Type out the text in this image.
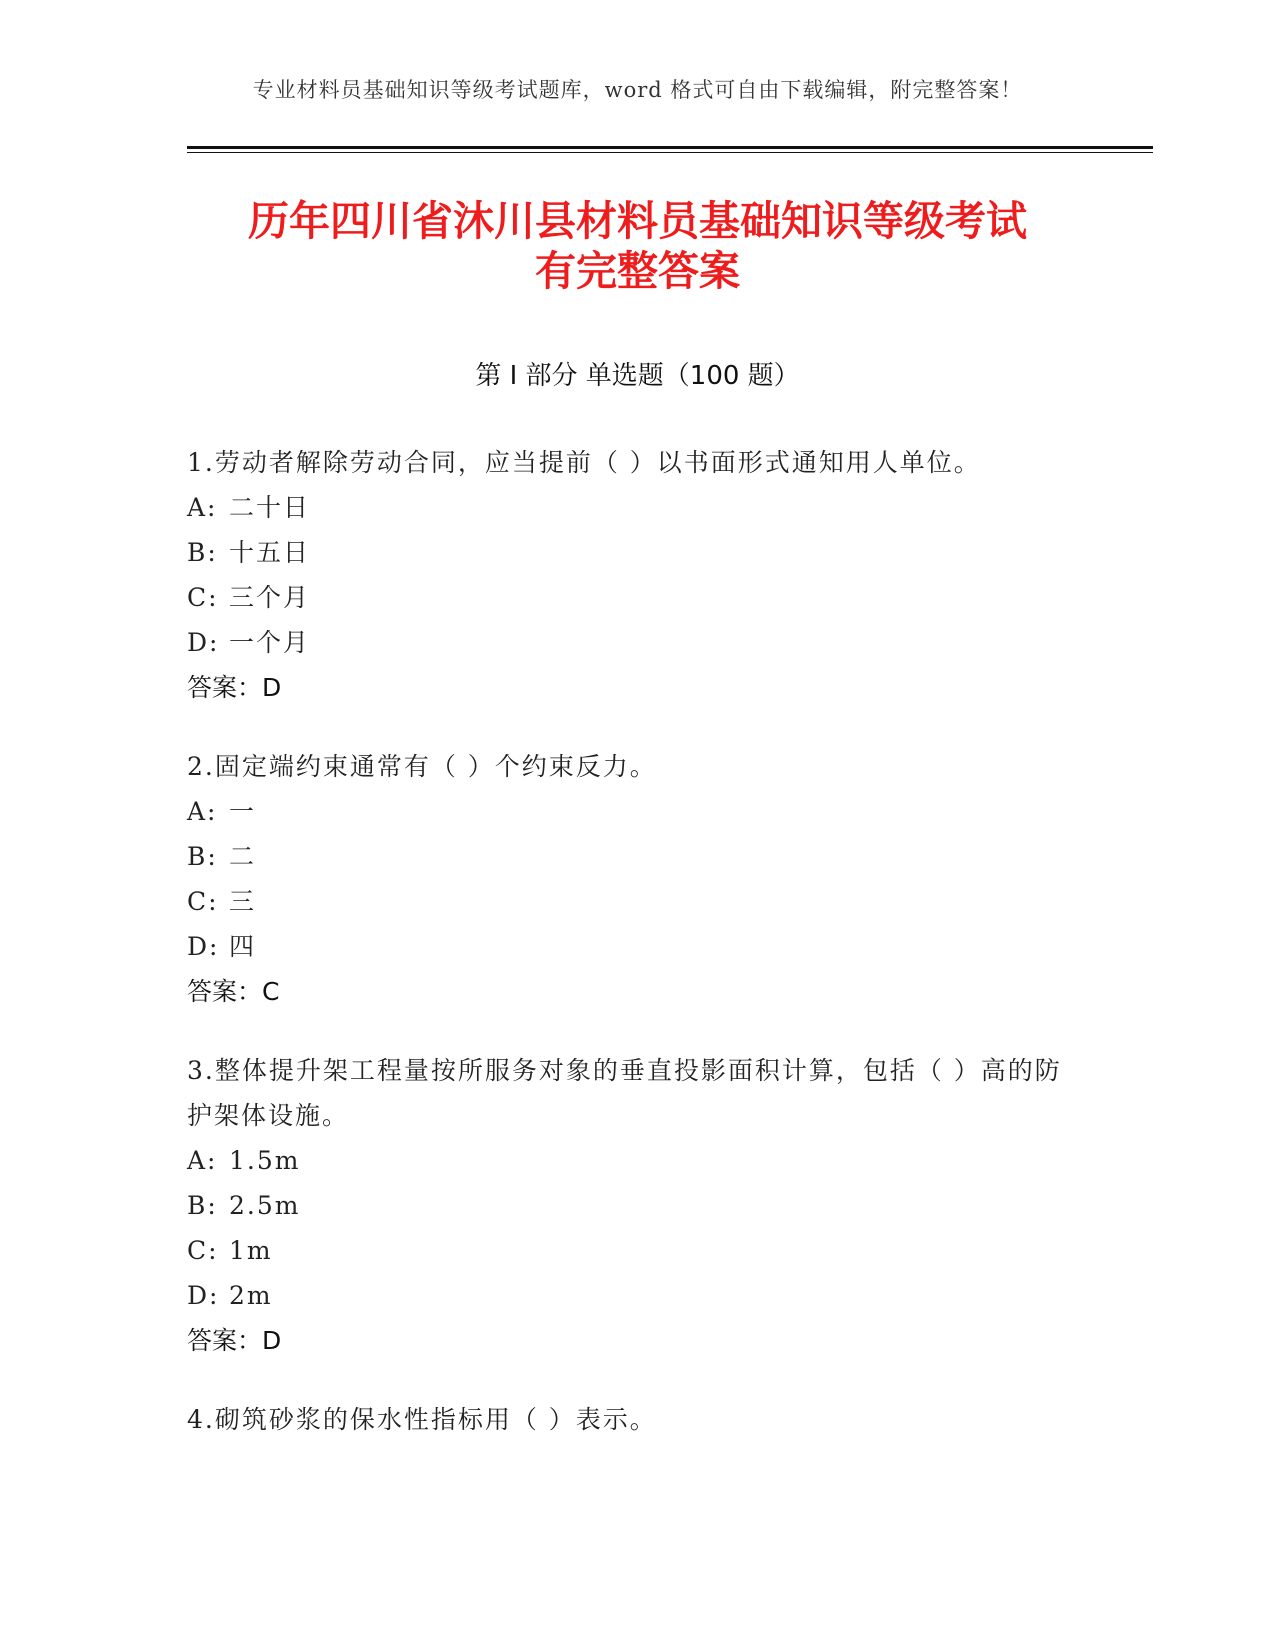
专业材料员基础知识等级考试题库，word 格式可自由下载编辑，附完整答案！
历年四川省沐川县材料员基础知识等级考试
有完整答案
第 I 部分 单选题（100 题）
1.劳动者解除劳动合同，应当提前（ ）以书面形式通知用人单位。
A: 二十日
B: 十五日
C: 三个月
D: 一个月
答案：D
2.固定端约束通常有（ ）个约束反力。
A: 一
B: 二
C: 三
D: 四
答案：C
3.整体提升架工程量按所服务对象的垂直投影面积计算，包括（ ）高的防护架体设施。
A: 1.5m
B: 2.5m
C: 1m
D: 2m
答案：D
4.砌筑砂浆的保水性指标用（ ）表示。
